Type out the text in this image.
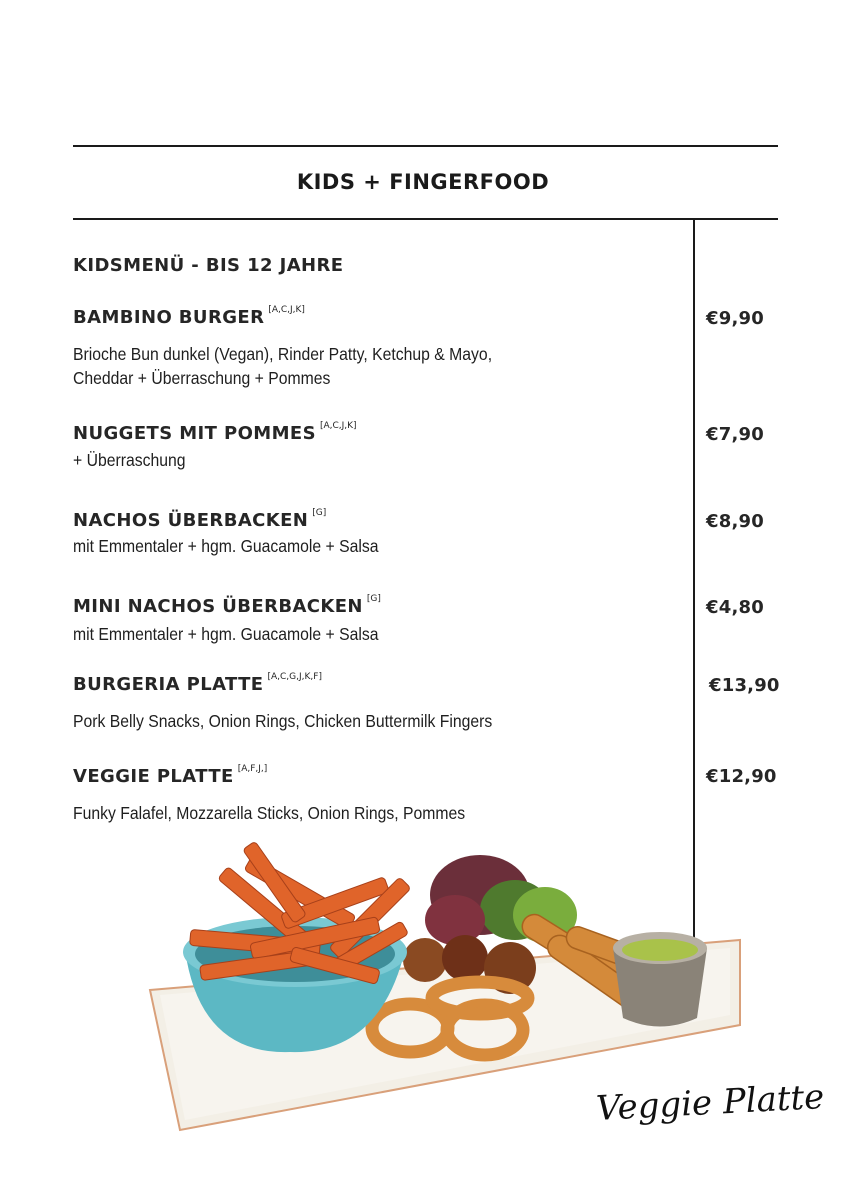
KIDS + FINGERFOOD
KIDSMENÜ - BIS 12 JAHRE
BAMBINO BURGER [A,C,J,K]	€9,90
Brioche Bun dunkel (Vegan), Rinder Patty, Ketchup & Mayo,
Cheddar + Überraschung + Pommes
NUGGETS MIT POMMES [A,C,J,K]	€7,90
+ Überraschung
NACHOS ÜBERBACKEN [G]	€8,90
mit Emmentaler + hgm. Guacamole + Salsa
MINI NACHOS ÜBERBACKEN [G]	€4,80
mit Emmentaler + hgm. Guacamole + Salsa
BURGERIA PLATTE [A,C,G,J,K,F]	€13,90
Pork Belly Snacks, Onion Rings, Chicken Buttermilk Fingers
VEGGIE PLATTE [A,F,J,]	€12,90
Funky Falafel, Mozzarella Sticks, Onion Rings, Pommes
Veggie Platte
